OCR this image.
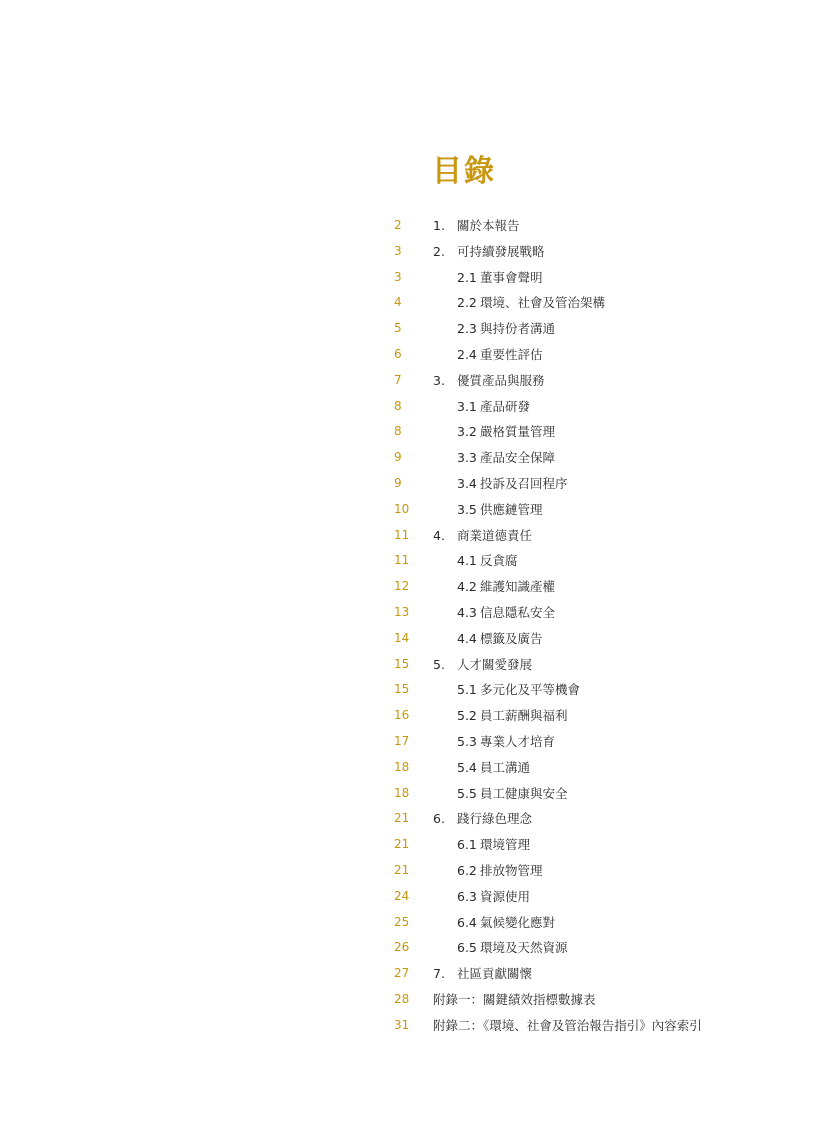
目錄
2	1. 關於本報告
3	2. 可持續發展戰略
3	2.1 董事會聲明
4	2.2 環境、社會及管治架構
5	2.3 與持份者溝通
6	2.4 重要性評估
7	3. 優質產品與服務
8	3.1 產品研發
8	3.2 嚴格質量管理
9	3.3 產品安全保障
9	3.4 投訴及召回程序
10	3.5 供應鏈管理
11 4. 商業道德責任
11	4.1 反貪腐
12	4.2 維護知識產權
13	4.3 信息隱私安全
14	4.4 標籤及廣告
15 5. 人才關愛發展
15	5.1 多元化及平等機會
16	5.2 員工薪酬與福利
17	5.3 專業人才培育
18	5.4 員工溝通
18	5.5 員工健康與安全
21 6. 踐行綠色理念
21	6.1 環境管理
21	6.2 排放物管理
24	6.3 資源使用
25	6.4 氣候變化應對
26	6.5 環境及天然資源
27 7. 社區貢獻關懷
28 附錄一：關鍵績效指標數據表
31 附錄二：《環境、社會及管治報告指引》內容索引
